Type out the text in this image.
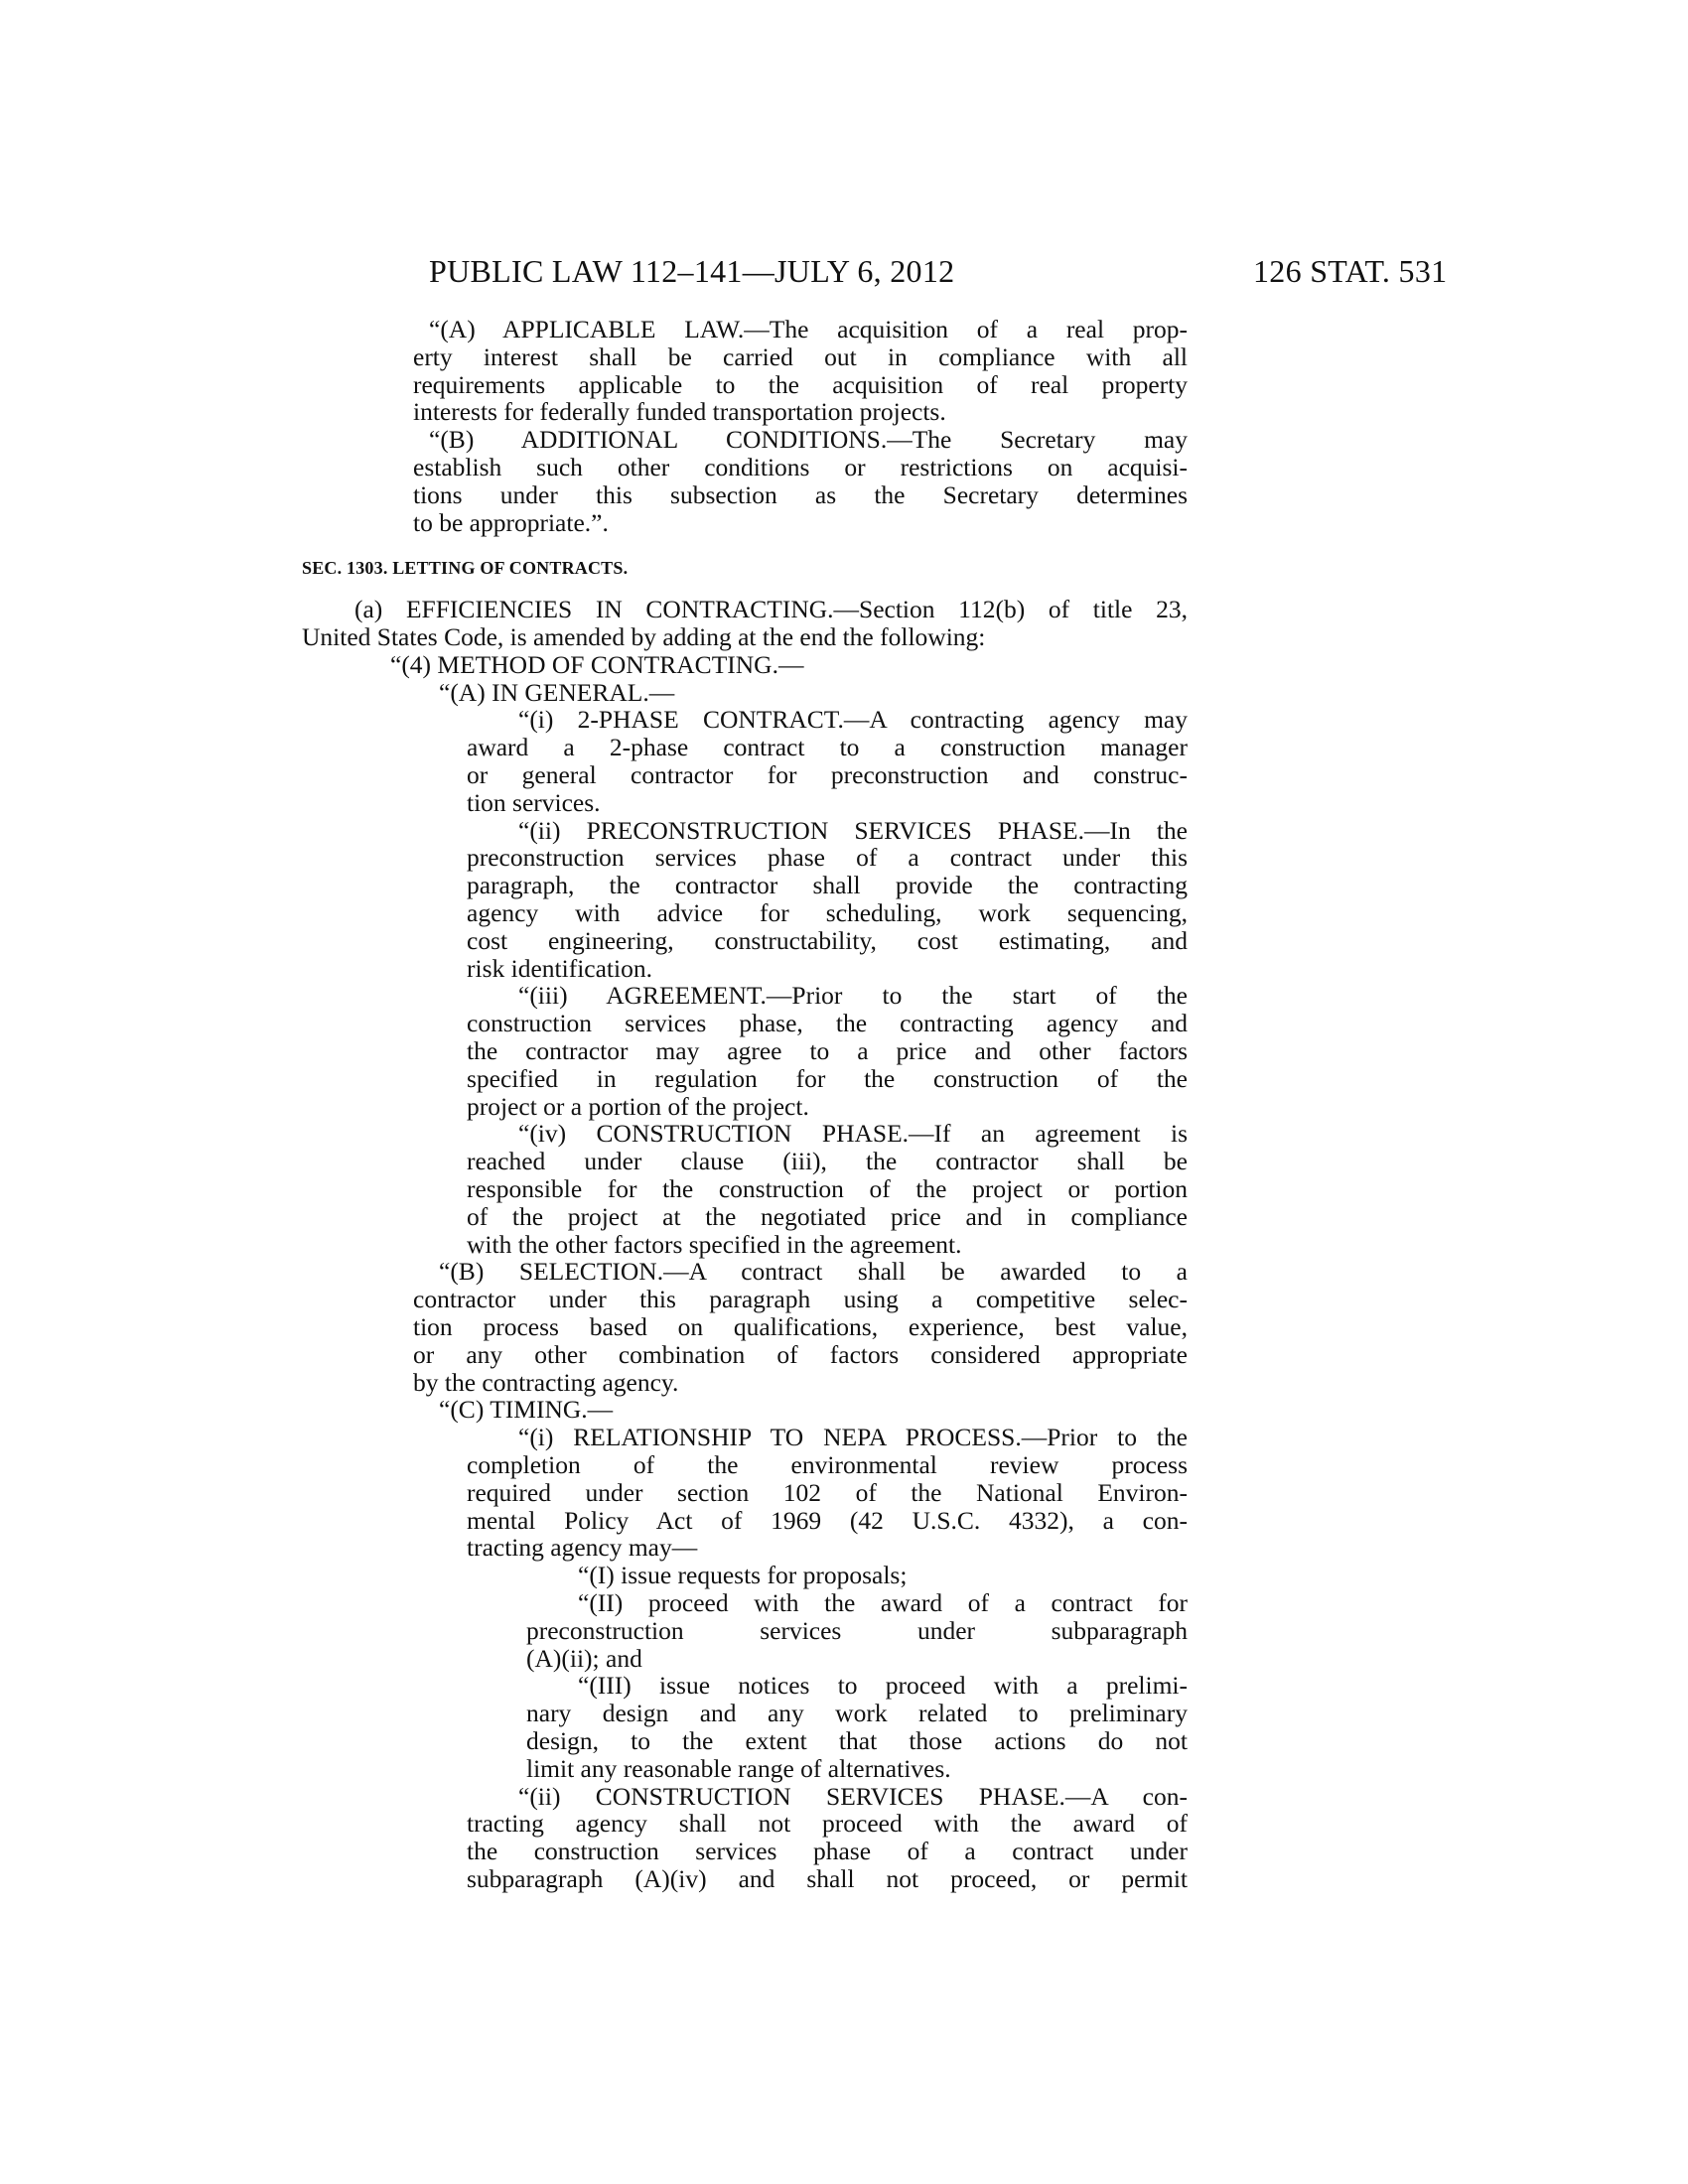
PUBLIC LAW 112–141—JULY 6, 2012	126 STAT. 531
“(A) APPLICABLE LAW.—The acquisition of a real prop-
erty interest shall be carried out in compliance with all
requirements applicable to the acquisition of real property
interests for federally funded transportation projects.
“(B) ADDITIONAL CONDITIONS.—The Secretary may
establish such other conditions or restrictions on acquisi-
tions under this subsection as the Secretary determines
to be appropriate.”.
SEC. 1303. LETTING OF CONTRACTS.
(a) EFFICIENCIES IN CONTRACTING.—Section 112(b) of title 23,
United States Code, is amended by adding at the end the following:
“(4) METHOD OF CONTRACTING.—
“(A) IN GENERAL.—
“(i) 2-PHASE CONTRACT.—A contracting agency may
award a 2-phase contract to a construction manager
or general contractor for preconstruction and construc-
tion services.
“(ii) PRECONSTRUCTION SERVICES PHASE.—In the
preconstruction services phase of a contract under this
paragraph, the contractor shall provide the contracting
agency with advice for scheduling, work sequencing,
cost engineering, constructability, cost estimating, and
risk identification.
“(iii) AGREEMENT.—Prior to the start of the
construction services phase, the contracting agency and
the contractor may agree to a price and other factors
specified in regulation for the construction of the
project or a portion of the project.
“(iv) CONSTRUCTION PHASE.—If an agreement is
reached under clause (iii), the contractor shall be
responsible for the construction of the project or portion
of the project at the negotiated price and in compliance
with the other factors specified in the agreement.
“(B) SELECTION.—A contract shall be awarded to a
contractor under this paragraph using a competitive selec-
tion process based on qualifications, experience, best value,
or any other combination of factors considered appropriate
by the contracting agency.
“(C) TIMING.—
“(i) RELATIONSHIP TO NEPA PROCESS.—Prior to the
completion of the environmental review process
required under section 102 of the National Environ-
mental Policy Act of 1969 (42 U.S.C. 4332), a con-
tracting agency may—
“(I) issue requests for proposals;
“(II) proceed with the award of a contract for
preconstruction services under subparagraph
(A)(ii); and
“(III) issue notices to proceed with a prelimi-
nary design and any work related to preliminary
design, to the extent that those actions do not
limit any reasonable range of alternatives.
“(ii) CONSTRUCTION SERVICES PHASE.—A con-
tracting agency shall not proceed with the award of
the construction services phase of a contract under
subparagraph (A)(iv) and shall not proceed, or permit
